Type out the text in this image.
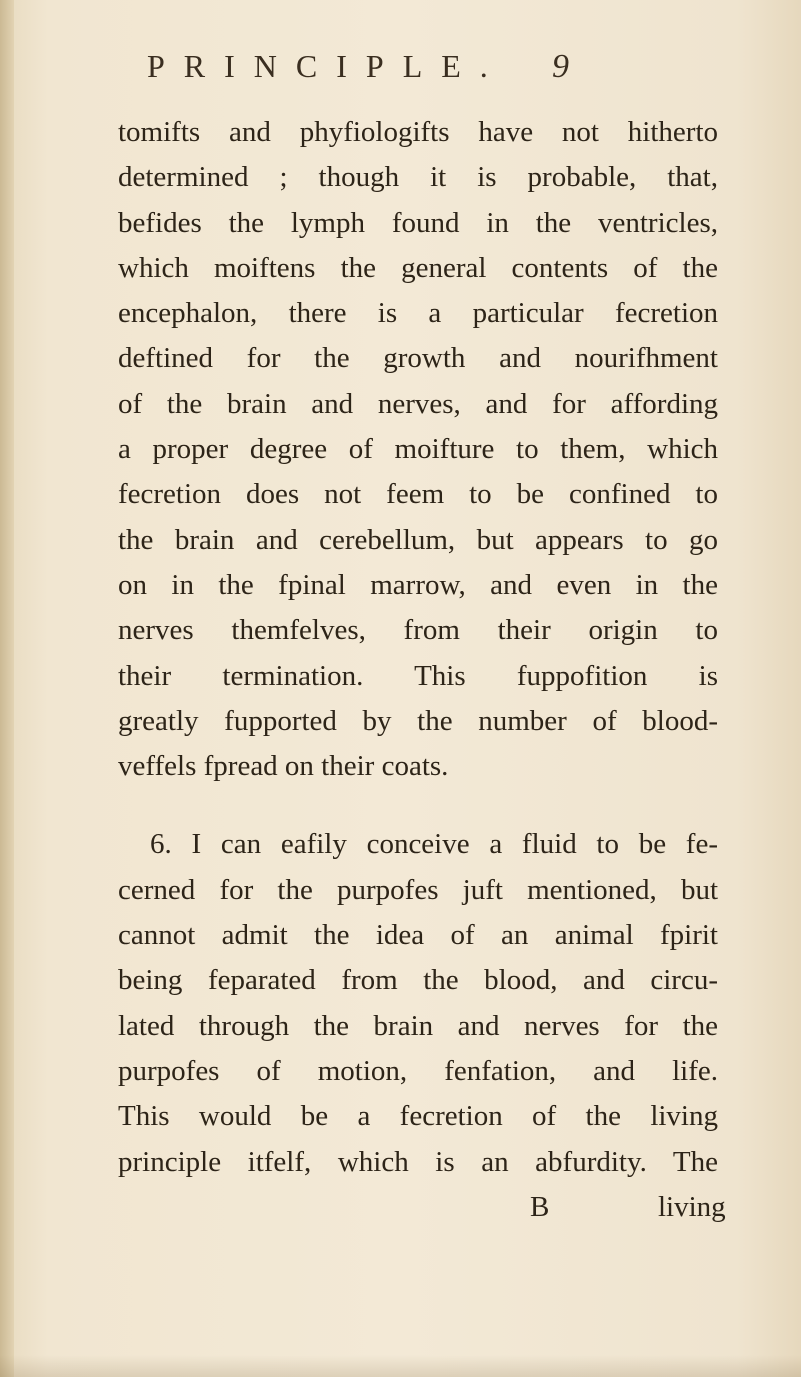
PRINCIPLE. 9
tomifts and phyfiologifts have not hitherto
determined ; though it is probable, that,
befides the lymph found in the ventricles,
which moiftens the general contents of the
encephalon, there is a particular fecretion
deftined for the growth and nourifhment
of the brain and nerves, and for affording
a proper degree of moifture to them, which
fecretion does not feem to be confined to
the brain and cerebellum, but appears to go
on in the fpinal marrow, and even in the
nerves themfelves, from their origin to
their termination. This fuppofition is
greatly fupported by the number of blood-
veffels fpread on their coats.
6. I can eafily conceive a fluid to be fe-
cerned for the purpofes juft mentioned, but
cannot admit the idea of an animal fpirit
being feparated from the blood, and circu-
lated through the brain and nerves for the
purpofes of motion, fenfation, and life.
This would be a fecretion of the living
principle itfelf, which is an abfurdity. The
B	living
